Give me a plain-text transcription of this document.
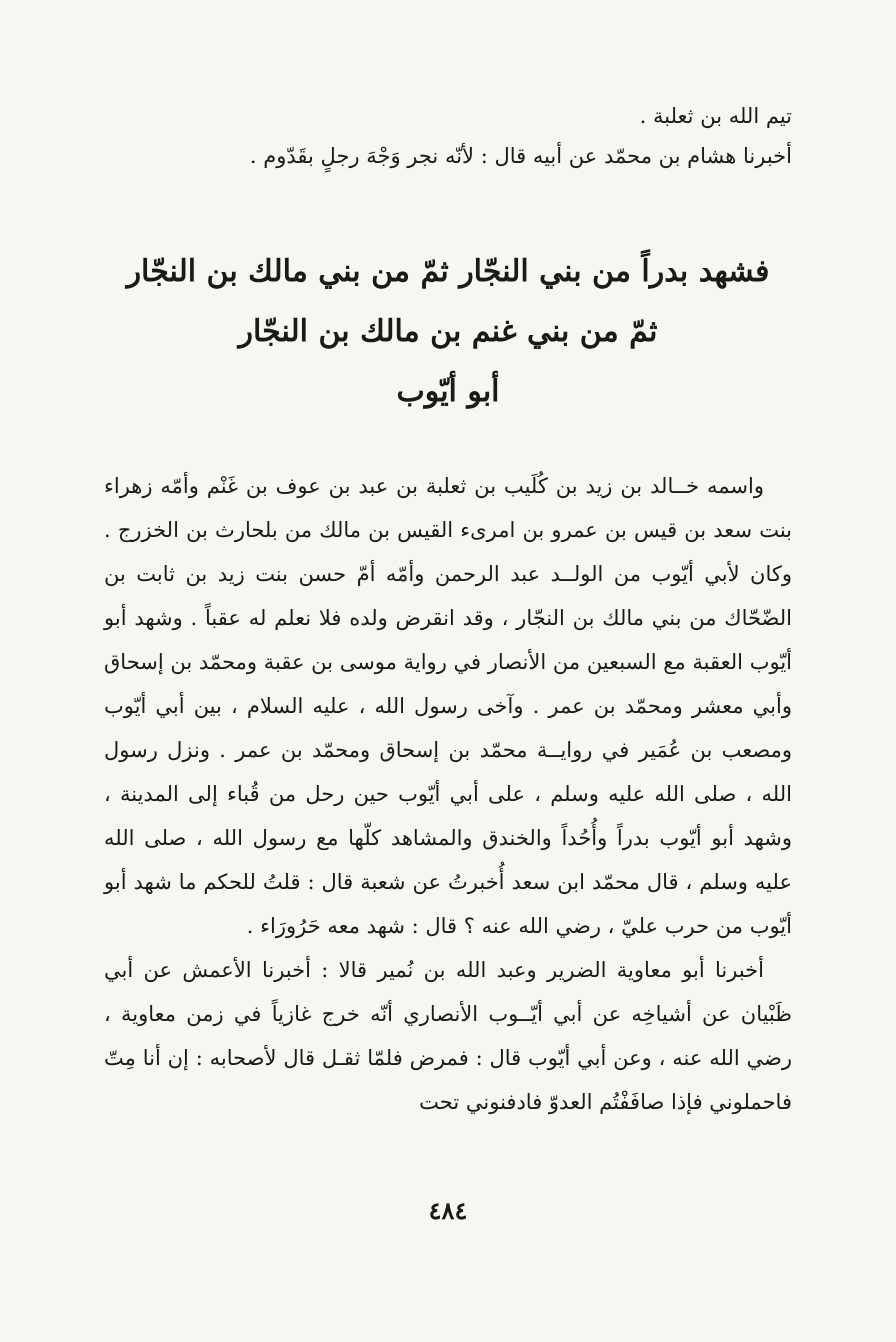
تيم الله بن ثعلبة .
أخبرنا هشام بن محمّد عن أبيه قال : لأنّه نجر وَجْهَ رجلٍ بقَدّوم .

فشهد بدراً من بني النجّار ثمّ من بني مالك بن النجّار

ثمّ من بني غنم بن مالك بن النجّار

أبو أيّوب

واسمه خــالد بن زيد بن كُلَيب بن ثعلبة بن عبد بن عوف بن غَنْم وأمّه زهراء بنت سعد بن قيس بن عمرو بن امرىء القيس بن مالك من بلحارث بن الخزرج . وكان لأبي أيّوب من الولــد عبد الرحمن وأمّه أمّ حسن بنت زيد بن ثابت بن الضّحّاك من بني مالك بن النجّار ، وقد انقرض ولده فلا نعلم له عقباً . وشهد أبو أيّوب العقبة مع السبعين من الأنصار في رواية موسى بن عقبة ومحمّد بن إسحاق وأبي معشر ومحمّد بن عمر . وآخى رسول الله ، عليه السلام ، بين أبي أيّوب ومصعب بن عُمَير في روايــة محمّد بن إسحاق ومحمّد بن عمر . ونزل رسول الله ، صلى الله عليه وسلم ، على أبي أيّوب حين رحل من قُباء إلى المدينة ، وشهد أبو أيّوب بدراً وأُحُداً والخندق والمشاهد كلّها مع رسول الله ، صلى الله عليه وسلم ، قال محمّد ابن سعد أُخبرتُ عن شعبة قال : قلتُ للحكم ما شهد أبو أيّوب من حرب عليّ ، رضي الله عنه ؟ قال : شهد معه حَرُورَاء .

أخبرنا أبو معاوية الضرير وعبد الله بن نُمير قالا : أخبرنا الأعمش عن أبي ظَبْيان عن أشياخِه عن أبي أيّــوب الأنصاري أنّه خرج غازياً في زمن معاوية ، رضي الله عنه ، وعن أبي أيّوب قال : فمرض فلمّا ثقـل قال لأصحابه : إن أنا مِتّ فاحملوني فإذا صافَفْتُم العدوّ فادفنوني تحت

٤٨٤
